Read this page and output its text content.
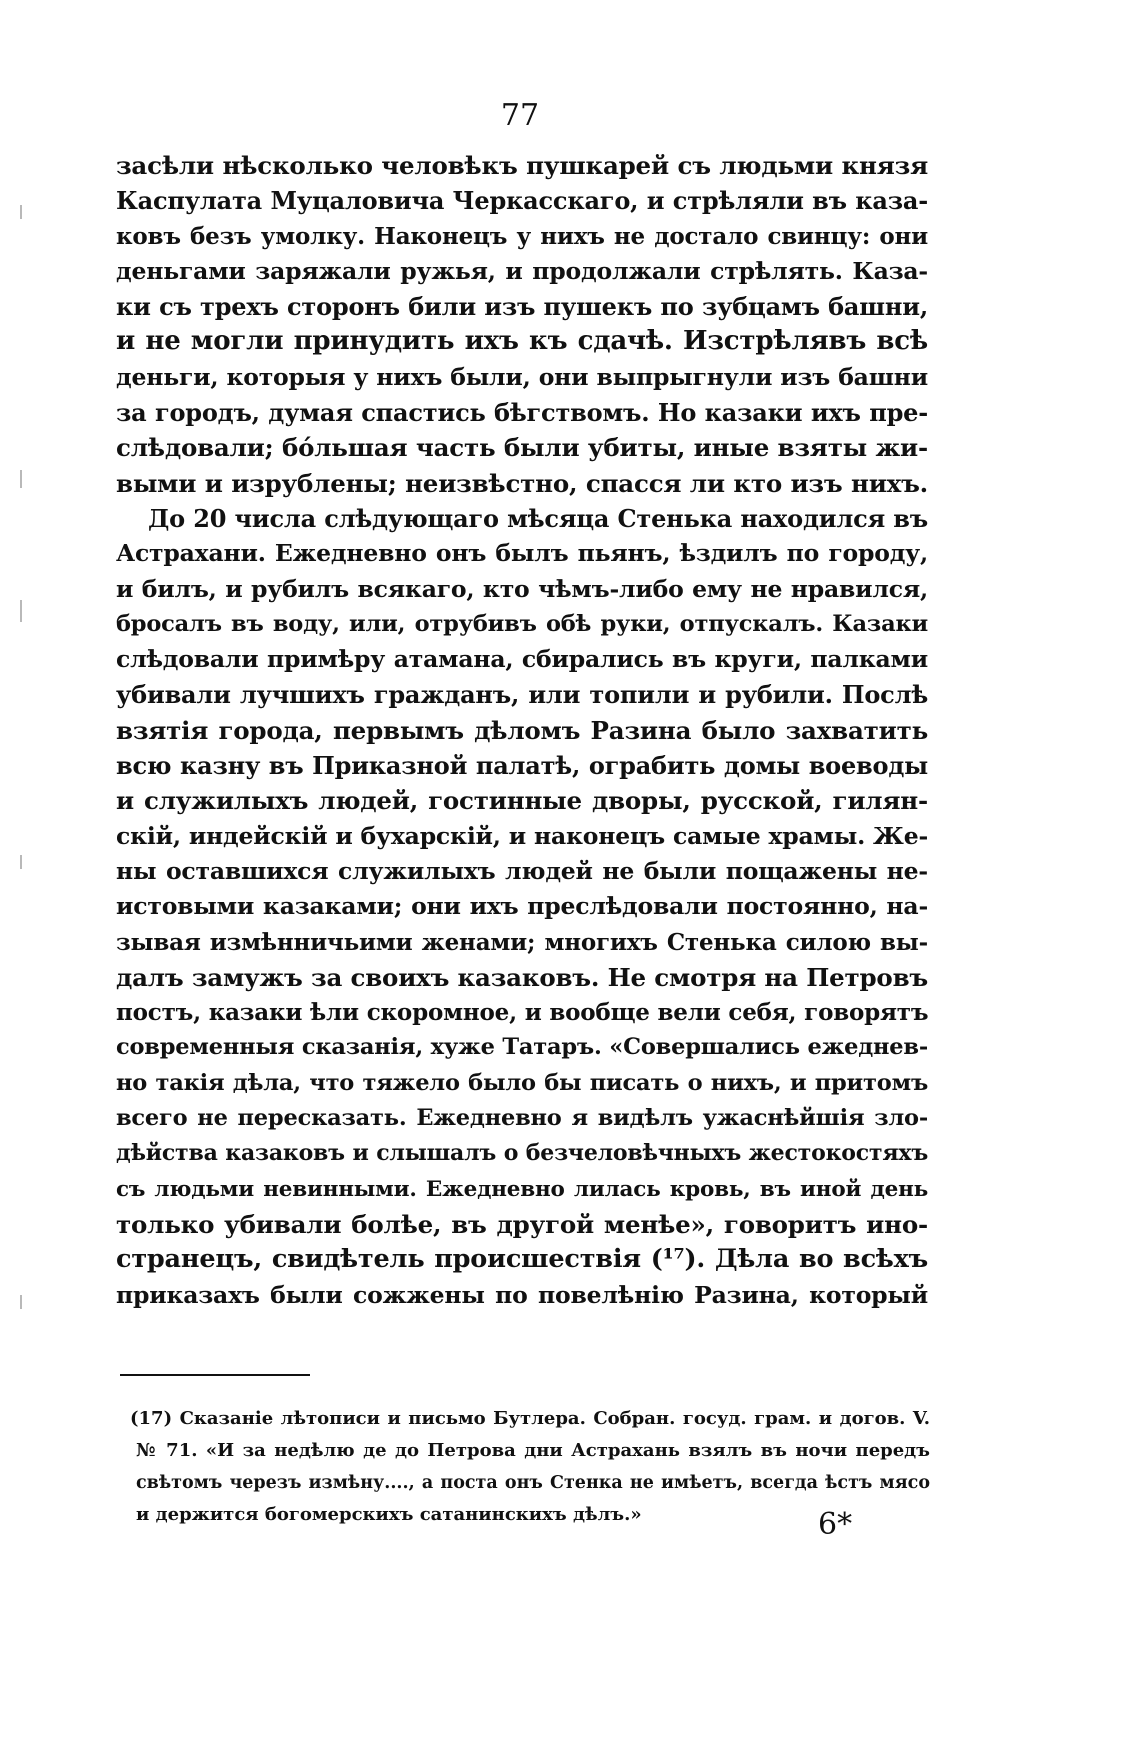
77
засѣли нѣсколько человѣкъ пушкарей съ людьми князя
Каспулата Муцаловича Черкасскаго, и стрѣляли въ каза-
ковъ безъ умолку. Наконецъ у нихъ не достало свинцу: они
деньгами заряжали ружья, и продолжали стрѣлять. Каза-
ки съ трехъ сторонъ били изъ пушекъ по зубцамъ башни,
и не могли принудить ихъ къ сдачѣ. Изстрѣлявъ всѣ
деньги, которыя у нихъ были, они выпрыгнули изъ башни
за городъ, думая спастись бѣгствомъ. Но казаки ихъ пре-
слѣдовали; бóльшая часть были убиты, иные взяты жи-
выми и изрублены; неизвѣстно, спасся ли кто изъ нихъ.
До 20 числа слѣдующаго мѣсяца Стенька находился въ
Астрахани. Ежедневно онъ былъ пьянъ, ѣздилъ по городу,
и билъ, и рубилъ всякаго, кто чѣмъ-либо ему не нравился,
бросалъ въ воду, или, отрубивъ обѣ руки, отпускалъ. Казаки
слѣдовали примѣру атамана, сбирались въ круги, палками
убивали лучшихъ гражданъ, или топили и рубили. Послѣ
взятія города, первымъ дѣломъ Разина было захватить
всю казну въ Приказной палатѣ, ограбить домы воеводы
и служилыхъ людей, гостинные дворы, русской, гилян-
скій, индейскій и бухарскій, и наконецъ самые храмы. Же-
ны оставшихся служилыхъ людей не были пощажены не-
истовыми казаками; они ихъ преслѣдовали постоянно, на-
зывая измѣнничьими женами; многихъ Стенька силою вы-
далъ замужъ за своихъ казаковъ. Не смотря на Петровъ
постъ, казаки ѣли скоромное, и вообще вели себя, говорятъ
современныя сказанія, хуже Татаръ. «Совершались ежеднев-
но такія дѣла, что тяжело было бы писать о нихъ, и притомъ
всего не пересказать. Ежедневно я видѣлъ ужаснѣйшія зло-
дѣйства казаковъ и слышалъ о безчеловѣчныхъ жестокостяхъ
съ людьми невинными. Ежедневно лилась кровь, въ иной день
только убивали болѣе, въ другой менѣе», говоритъ ино-
странецъ, свидѣтель происшествія (¹⁷). Дѣла во всѣхъ
приказахъ были сожжены по повелѣнію Разина, который
(17) Сказаніе лѣтописи и письмо Бутлера. Собран. госуд. грам. и догов. V.
№ 71. «И за недѣлю де до Петрова дни Астрахань взялъ въ ночи передъ
свѣтомъ черезъ измѣну...., а поста онъ Стенка не имѣетъ, всегда ѣстъ мясо
и держится богомерскихъ сатанинскихъ дѣлъ.»	6*
